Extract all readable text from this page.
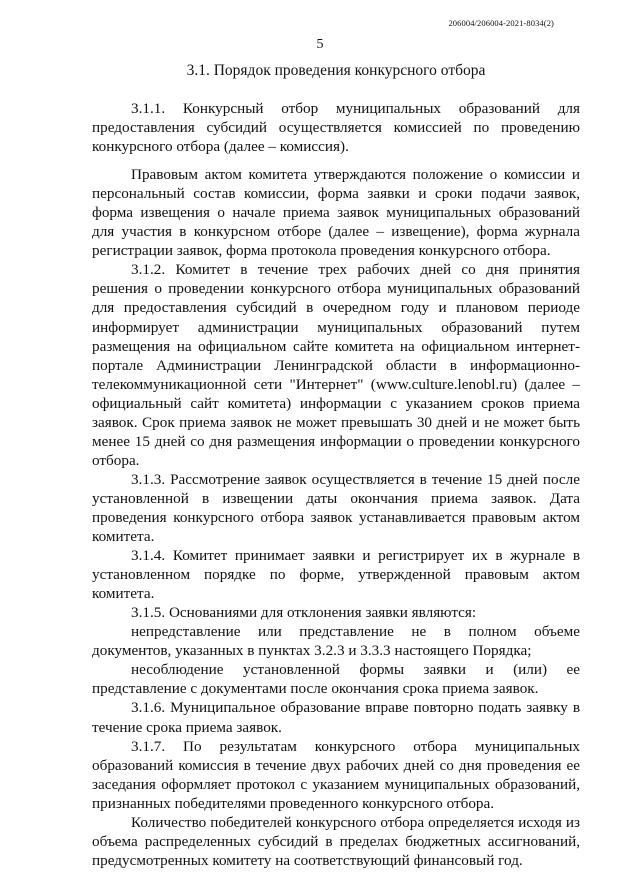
206004/206004-2021-8034(2)
5
3.1. Порядок проведения конкурсного отбора

3.1.1. Конкурсный отбор муниципальных образований для предоставления субсидий осуществляется комиссией по проведению конкурсного отбора (далее – комиссия).

Правовым актом комитета утверждаются положение о комиссии и персональный состав комиссии, форма заявки и сроки подачи заявок, форма извещения о начале приема заявок муниципальных образований для участия в конкурсном отборе (далее – извещение), форма журнала регистрации заявок, форма протокола проведения конкурсного отбора.

3.1.2. Комитет в течение трех рабочих дней со дня принятия решения о проведении конкурсного отбора муниципальных образований для предоставления субсидий в очередном году и плановом периоде информирует администрации муниципальных образований путем размещения на официальном сайте комитета на официальном интернет-портале Администрации Ленинградской области в информационно-телекоммуникационной сети "Интернет" (www.culture.lenobl.ru) (далее – официальный сайт комитета) информации с указанием сроков приема заявок. Срок приема заявок не может превышать 30 дней и не может быть менее 15 дней со дня размещения информации о проведении конкурсного отбора.

3.1.3. Рассмотрение заявок осуществляется в течение 15 дней после установленной в извещении даты окончания приема заявок. Дата проведения конкурсного отбора заявок устанавливается правовым актом комитета.

3.1.4. Комитет принимает заявки и регистрирует их в журнале в установленном порядке по форме, утвержденной правовым актом комитета.

3.1.5. Основаниями для отклонения заявки являются:

непредставление или представление не в полном объеме документов, указанных в пунктах 3.2.3 и 3.3.3 настоящего Порядка;

несоблюдение установленной формы заявки и (или) ее представление с документами после окончания срока приема заявок.

3.1.6. Муниципальное образование вправе повторно подать заявку в течение срока приема заявок.

3.1.7. По результатам конкурсного отбора муниципальных образований комиссия в течение двух рабочих дней со дня проведения ее заседания оформляет протокол с указанием муниципальных образований, признанных победителями проведенного конкурсного отбора.

Количество победителей конкурсного отбора определяется исходя из объема распределенных субсидий в пределах бюджетных ассигнований, предусмотренных комитету на соответствующий финансовый год.
